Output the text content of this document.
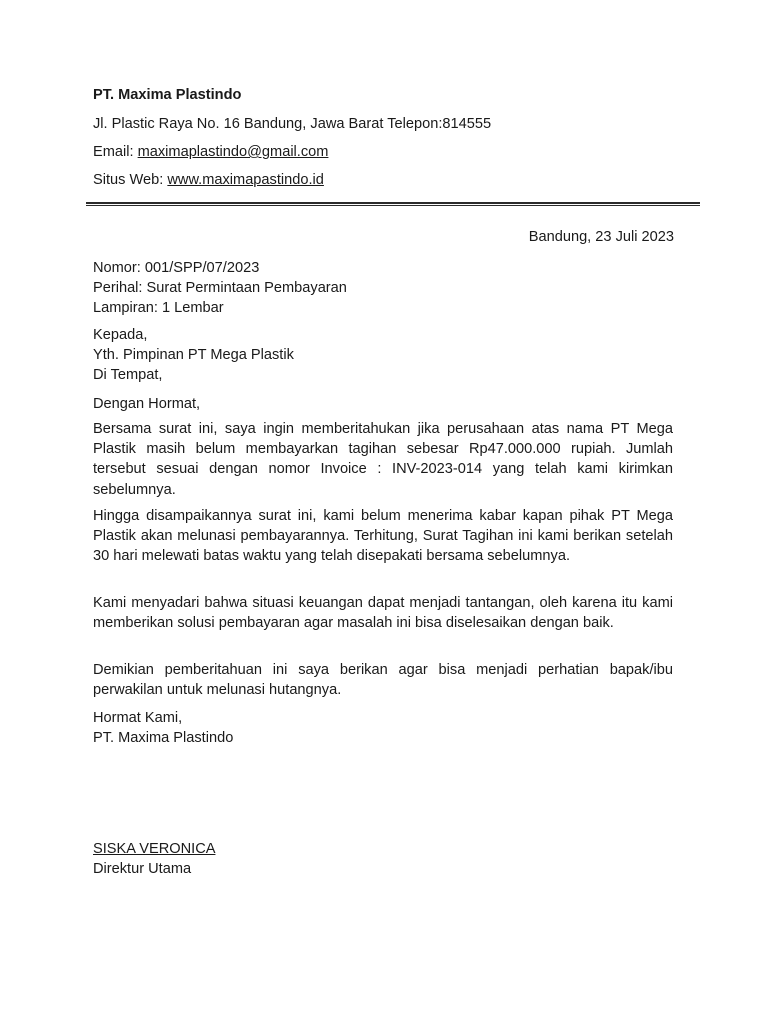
PT. Maxima Plastindo
Jl. Plastic Raya No. 16 Bandung, Jawa Barat Telepon:814555
Email: maximaplastindo@gmail.com
Situs Web: www.maximapastindo.id
Bandung, 23 Juli 2023
Nomor: 001/SPP/07/2023
Perihal: Surat Permintaan Pembayaran
Lampiran: 1 Lembar
Kepada,
Yth. Pimpinan PT Mega Plastik
Di Tempat,
Dengan Hormat,
Bersama surat ini, saya ingin memberitahukan jika perusahaan atas nama PT Mega Plastik masih belum membayarkan tagihan sebesar Rp47.000.000 rupiah. Jumlah tersebut sesuai dengan nomor Invoice : INV-2023-014 yang telah kami kirimkan sebelumnya.
Hingga disampaikannya surat ini, kami belum menerima kabar kapan pihak PT Mega Plastik akan melunasi pembayarannya. Terhitung, Surat Tagihan ini kami berikan setelah 30 hari melewati batas waktu yang telah disepakati bersama sebelumnya.
Kami menyadari bahwa situasi keuangan dapat menjadi tantangan, oleh karena itu kami memberikan solusi pembayaran agar masalah ini bisa diselesaikan dengan baik.
Demikian pemberitahuan ini saya berikan agar bisa menjadi perhatian bapak/ibu perwakilan untuk melunasi hutangnya.
Hormat Kami,
PT. Maxima Plastindo
SISKA VERONICA
Direktur Utama
